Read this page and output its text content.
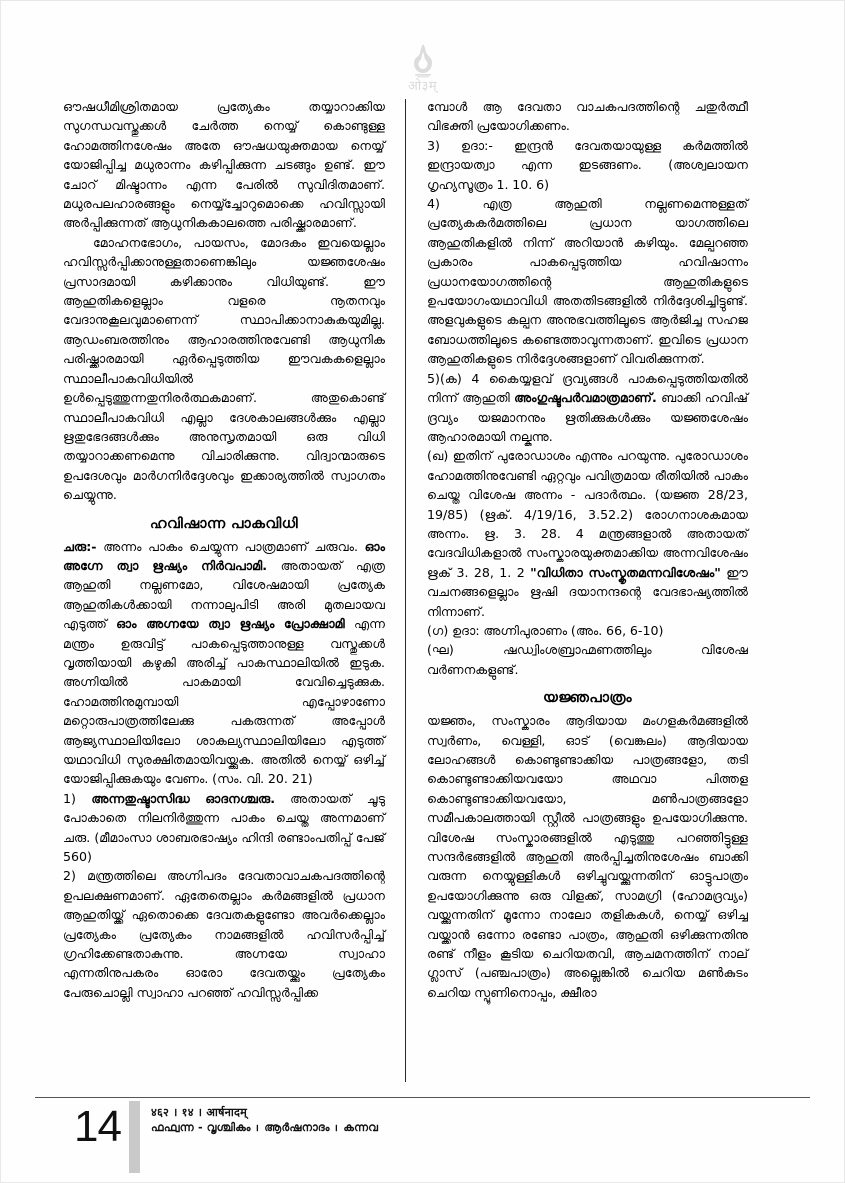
ओ३म्

ഔഷധീമിശ്രിതമായ പ്രത്യേകം തയ്യാറാക്കിയ സുഗന്ധവസ്തുക്കൾ ചേർത്ത നെയ്യ് കൊണ്ടുള്ള ഹോമത്തിനശേഷം അതേ ഔഷധയുക്തമായ നെയ്യ് യോജിപ്പിച്ച മധുരാന്നം കഴിപ്പിക്കുന്ന ചടങ്ങും ഉണ്ട്. ഈ ചോറ് മിഷ്ടാന്നം എന്ന പേരിൽ സുവിദിതമാണ്. മധുരപലഹാരങ്ങളും നെയ്യ്ച്ചോറുമൊക്കെ ഹവിസ്സായി അർപ്പിക്കുന്നത് ആധുനികകാലത്തെ പരിഷ്ക്കാരമാണ്.

മോഹനഭോഗം, പായസം, മോദകം ഇവയെല്ലാം ഹവിസ്സർപ്പിക്കാനുള്ളതാണെങ്കിലും യജ്ഞശേഷം പ്രസാദമായി കഴിക്കാനും വിധിയുണ്ട്. ഈ ആഹുതികളെല്ലാം വളരെ നൂതനവും വേദാനുകൂലവുമാണെന്ന് സ്ഥാപിക്കാനാകുകയുമില്ല. ആഡംബരത്തിനും ആഹാരത്തിനുവേണ്ടി ആധുനിക പരിഷ്ക്കാരമായി ഏർപ്പെടുത്തിയ ഈവകകളെല്ലാം സ്ഥാലീപാകവിധിയിൽ ഉൾപ്പെടുത്തുന്നതുനിരർത്ഥകമാണ്. അതുകൊണ്ട് സ്ഥാലീപാകവിധി എല്ലാ ദേശകാലങ്ങൾക്കും എല്ലാ ഋതുഭേദങ്ങൾക്കും അനുസൃതമായി ഒരു വിധി തയ്യാറാക്കണമെന്നു വിചാരിക്കുന്നു. വിദ്വാന്മാരുടെ ഉപദേശവും മാർഗനിർദ്ദേശവും ഇക്കാര്യത്തിൽ സ്വാഗതം ചെയ്യുന്നു.

ഹവിഷാന്ന പാകവിധി

ചരു:- അന്നം പാകം ചെയ്യുന്ന പാത്രമാണ് ചരുവം. ഓം അഗ്നേ ത്വാ ഋഷ്യം നിർവപാമി. അതായത് എത്ര ആഹുതി നല്ലണമോ, വിശേഷമായി പ്രത്യേക ആഹുതികൾക്കായി നന്നാലുപിടി അരി മുതലായവ എടുത്ത് ഓം അഗ്നയേ ത്വാ ഋഷ്യം പ്രോക്ഷാമി എന്ന മന്ത്രം ഉരുവിട്ട് പാകപ്പെടുത്താനുള്ള വസ്തുക്കൾ വൃത്തിയായി കഴുകി അരിച്ച് പാകസ്ഥാലിയിൽ ഇടുക. അഗ്നിയിൽ പാകമായി വേവിച്ചെടുക്കുക. ഹോമത്തിനുമുമ്പായി എപ്പോഴാണോ മറ്റൊരുപാത്രത്തിലേക്കു പകരുന്നത് അപ്പോൾ ആജ്യസ്ഥാലിയിലോ ശാകല്യസ്ഥാലിയിലോ എടുത്ത് യഥാവിധി സുരക്ഷിതമായിവയ്ക്കുക. അതിൽ നെയ്യ് ഒഴിച്ച് യോജിപ്പിക്കുകയും വേണം. (സം. വി. 20. 21)

1) അന്നതുഷ്ടാസിദ്ധ ഓദനശ്ചരു. അതായത് ചൂടു പോകാതെ നിലനിർത്തുന്ന പാകം ചെയ്ത അന്നമാണ് ചരു. (മീമാംസാ ശാബരഭാഷ്യം ഹിന്ദി രണ്ടാംപതിപ്പ് പേജ് 560)

2) മന്ത്രത്തിലെ അഗ്നിപദം ദേവതാവാചകപദത്തിന്റെ ഉപലക്ഷണമാണ്. ഏതേതെല്ലാം കർമങ്ങളിൽ പ്രധാന ആഹുതിയ്ക്ക് ഏതൊക്കെ ദേവതകളുണ്ടോ അവർക്കെല്ലാം പ്രത്യേകം പ്രത്യേകം നാമങ്ങളിൽ ഹവിസർപ്പിച്ച് ഗ്രഹിക്കേണ്ടതാകുന്നു. അഗ്നയേ സ്വാഹാ എന്നതിനുപകരം ഓരോ ദേവതയ്ക്കും പ്രത്യേകം പേരുചൊല്ലി സ്വാഹാ പറഞ്ഞ് ഹവിസ്സർപ്പിക്ക

മ്പോൾ ആ ദേവതാ വാചകപദത്തിന്റെ ചതുർത്ഥീ വിഭക്തി പ്രയോഗിക്കണം.

3) ഉദാ:- ഇന്ദ്രൻ ദേവതയായുള്ള കർമത്തിൽ ഇന്ദ്രായത്വാ എന്ന ഇടങ്ങണം. (അശ്വലായന ഗൃഹ്യസൂത്രം 1. 10. 6)

4) എത്ര ആഹുതി നല്ലണമെന്നുള്ളത് പ്രത്യേകകർമത്തിലെ പ്രധാന യാഗത്തിലെ ആഹുതികളിൽ നിന്ന് അറിയാൻ കഴിയും. മേല്പറഞ്ഞ പ്രകാരം പാകപ്പെടുത്തിയ ഹവിഷാന്നം പ്രധാനയോഗത്തിന്റെ ആഹുതികളുടെ ഉപയോഗംയഥാവിധി അതതിടങ്ങളിൽ നിർദ്ദേശിച്ചിട്ടുണ്ട്. അളവുകളുടെ കല്പന അനുഭവത്തിലൂടെ ആർജിച്ച സഹജ ബോധത്തിലൂടെ കണ്ടെത്താവുന്നതാണ്. ഇവിടെ പ്രധാന ആഹുതികളുടെ നിർദ്ദേശങ്ങളാണ് വിവരിക്കുന്നത്.

5)(ക) 4 കൈയ്യളവ് ദ്രവ്യങ്ങൾ പാകപ്പെടുത്തിയതിൽ നിന്ന് ആഹുതി അംഗുഷ്ടപർവമാത്രമാണ്. ബാക്കി ഹവിഷ് ദ്രവ്യം യജമാനനും ഋതിക്കുകൾക്കും യജ്ഞശേഷം ആഹാരമായി നല്കുന്നു.

(ഖ) ഇതിന് പുരോഡാശം എന്നും പറയുന്നു. പുരോഡാശം ഹോമത്തിനുവേണ്ടി ഏറ്റവും പവിത്രമായ രീതിയിൽ പാകം ചെയ്ത വിശേഷ അന്നം - പദാർത്ഥം. (യജ്ഞ 28/23, 19/85) (ഋക്. 4/19/16, 3.52.2) രോഗനാശകമായ അന്നം. ഋ. 3. 28. 4 മന്ത്രങ്ങളാൽ അതായത് വേദവിധികളാൽ സംസ്കാരയുക്തമാക്കിയ അന്നവിശേഷം ഋക് 3. 28, 1. 2 "വിധിതാ സംസ്കൃതമന്നവിശേഷം" ഈ വചനങ്ങളെല്ലാം ഋഷി ദയാനന്ദന്റെ വേദഭാഷ്യത്തിൽ നിന്നാണ്.

(ഗ) ഉദാ: അഗ്നിപുരാണം (അം. 66, 6-10)

(ഘ) ഷഡ്വിംശബ്രാഹ്മണത്തിലും വിശേഷ വർണനകളുണ്ട്.

യജ്ഞപാത്രം

യജ്ഞം, സംസ്കാരം ആദിയായ മംഗളകർമങ്ങളിൽ സ്വർണം, വെള്ളി, ഓട് (വെങ്കലം) ആദിയായ ലോഹങ്ങൾ കൊണ്ടുണ്ടാക്കിയ പാത്രങ്ങളോ, തടി കൊണ്ടുണ്ടാക്കിയവയോ അഥവാ പിത്തള കൊണ്ടുണ്ടാക്കിയവയോ, മൺപാത്രങ്ങളോ സമീപകാലത്തായി സ്റ്റീൽ പാത്രങ്ങളും ഉപയോഗിക്കുന്നു. വിശേഷ സംസ്കാരങ്ങളിൽ എടുത്തു പറഞ്ഞിട്ടുള്ള സന്ദർഭങ്ങളിൽ ആഹുതി അർപ്പിച്ചതിനുശേഷം ബാക്കി വരുന്ന നെയ്യുള്ളികൾ ഒഴിച്ചുവയ്ക്കുന്നതിന് ഓട്ടുപാത്രം ഉപയോഗിക്കുന്നു ഒരു വിളക്ക്, സാമഗ്രി (ഹോമദ്രവ്യം) വയ്ക്കുന്നതിന് മൂന്നോ നാലോ തളികകൾ, നെയ്യ് ഒഴിച്ച വയ്ക്കാൻ ഒന്നോ രണ്ടോ പാത്രം, ആഹുതി ഒഴിക്കുന്നതിനു രണ്ട് നീളം കൂടിയ ചെറിയതവി, ആചമനത്തിന് നാല് ഗ്ലാസ് (പഞ്ചപാത്രം) അല്ലെങ്കിൽ ചെറിയ മൺകുടം ചെറിയ സ്പൂണിനൊപ്പം, ക്ഷീരാ

14	४६२ । १४ । आर्षनादम्
ഫഫ്വന്ന - വൃശ്ചികം । ആർഷനാദം । കന്നവ
